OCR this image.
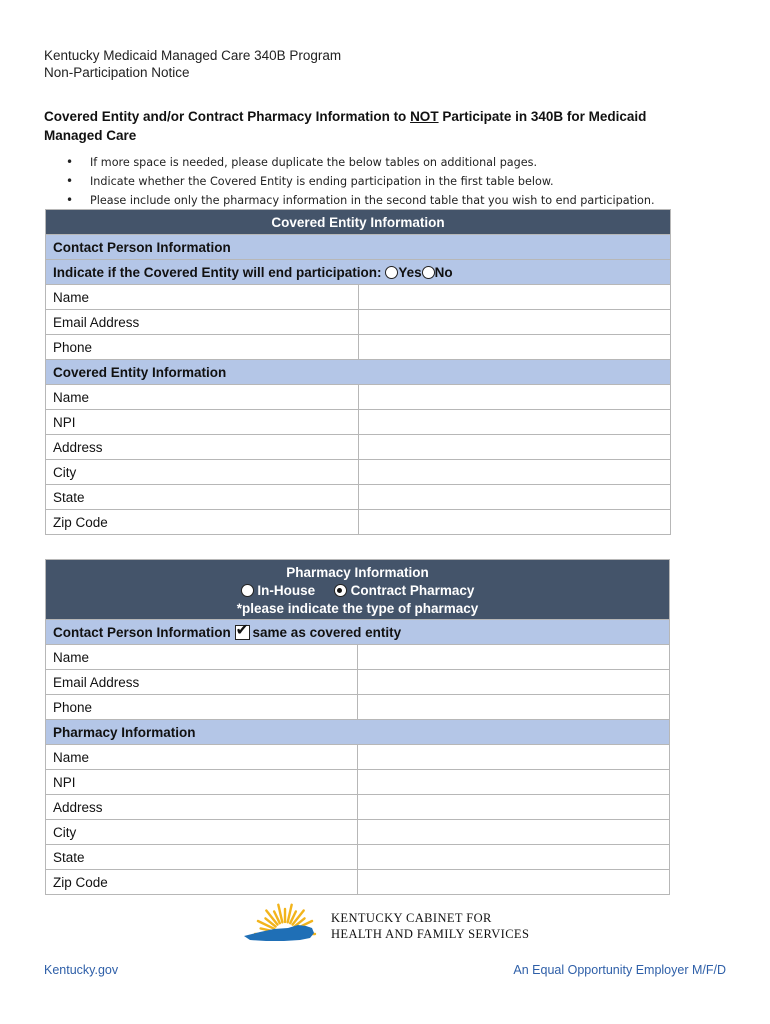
Kentucky Medicaid Managed Care 340B Program
Non-Participation Notice
Covered Entity and/or Contract Pharmacy Information to NOT Participate in 340B for Medicaid Managed Care
• If more space is needed, please duplicate the below tables on additional pages.
• Indicate whether the Covered Entity is ending participation in the first table below.
• Please include only the pharmacy information in the second table that you wish to end participation.
Covered Entity Information	
Contact Person Information	
Indicate if the Covered Entity will end participation: Yes No	
Name	
Email Address	
Phone	
Covered Entity Information	
Name	
NPI	
Address	
City	
State	
Zip Code	
Pharmacy Information
In-House Contract Pharmacy
*please indicate the type of pharmacy	

Contact Person Information ✔ same as covered entity	
Name	
Email Address	
Phone	
Pharmacy Information	
Name	
NPI	
Address	
City	
State	
Zip Code	
KENTUCKY CABINET FOR
HEALTH AND FAMILY SERVICES
Kentucky.gov	An Equal Opportunity Employer M/F/D
